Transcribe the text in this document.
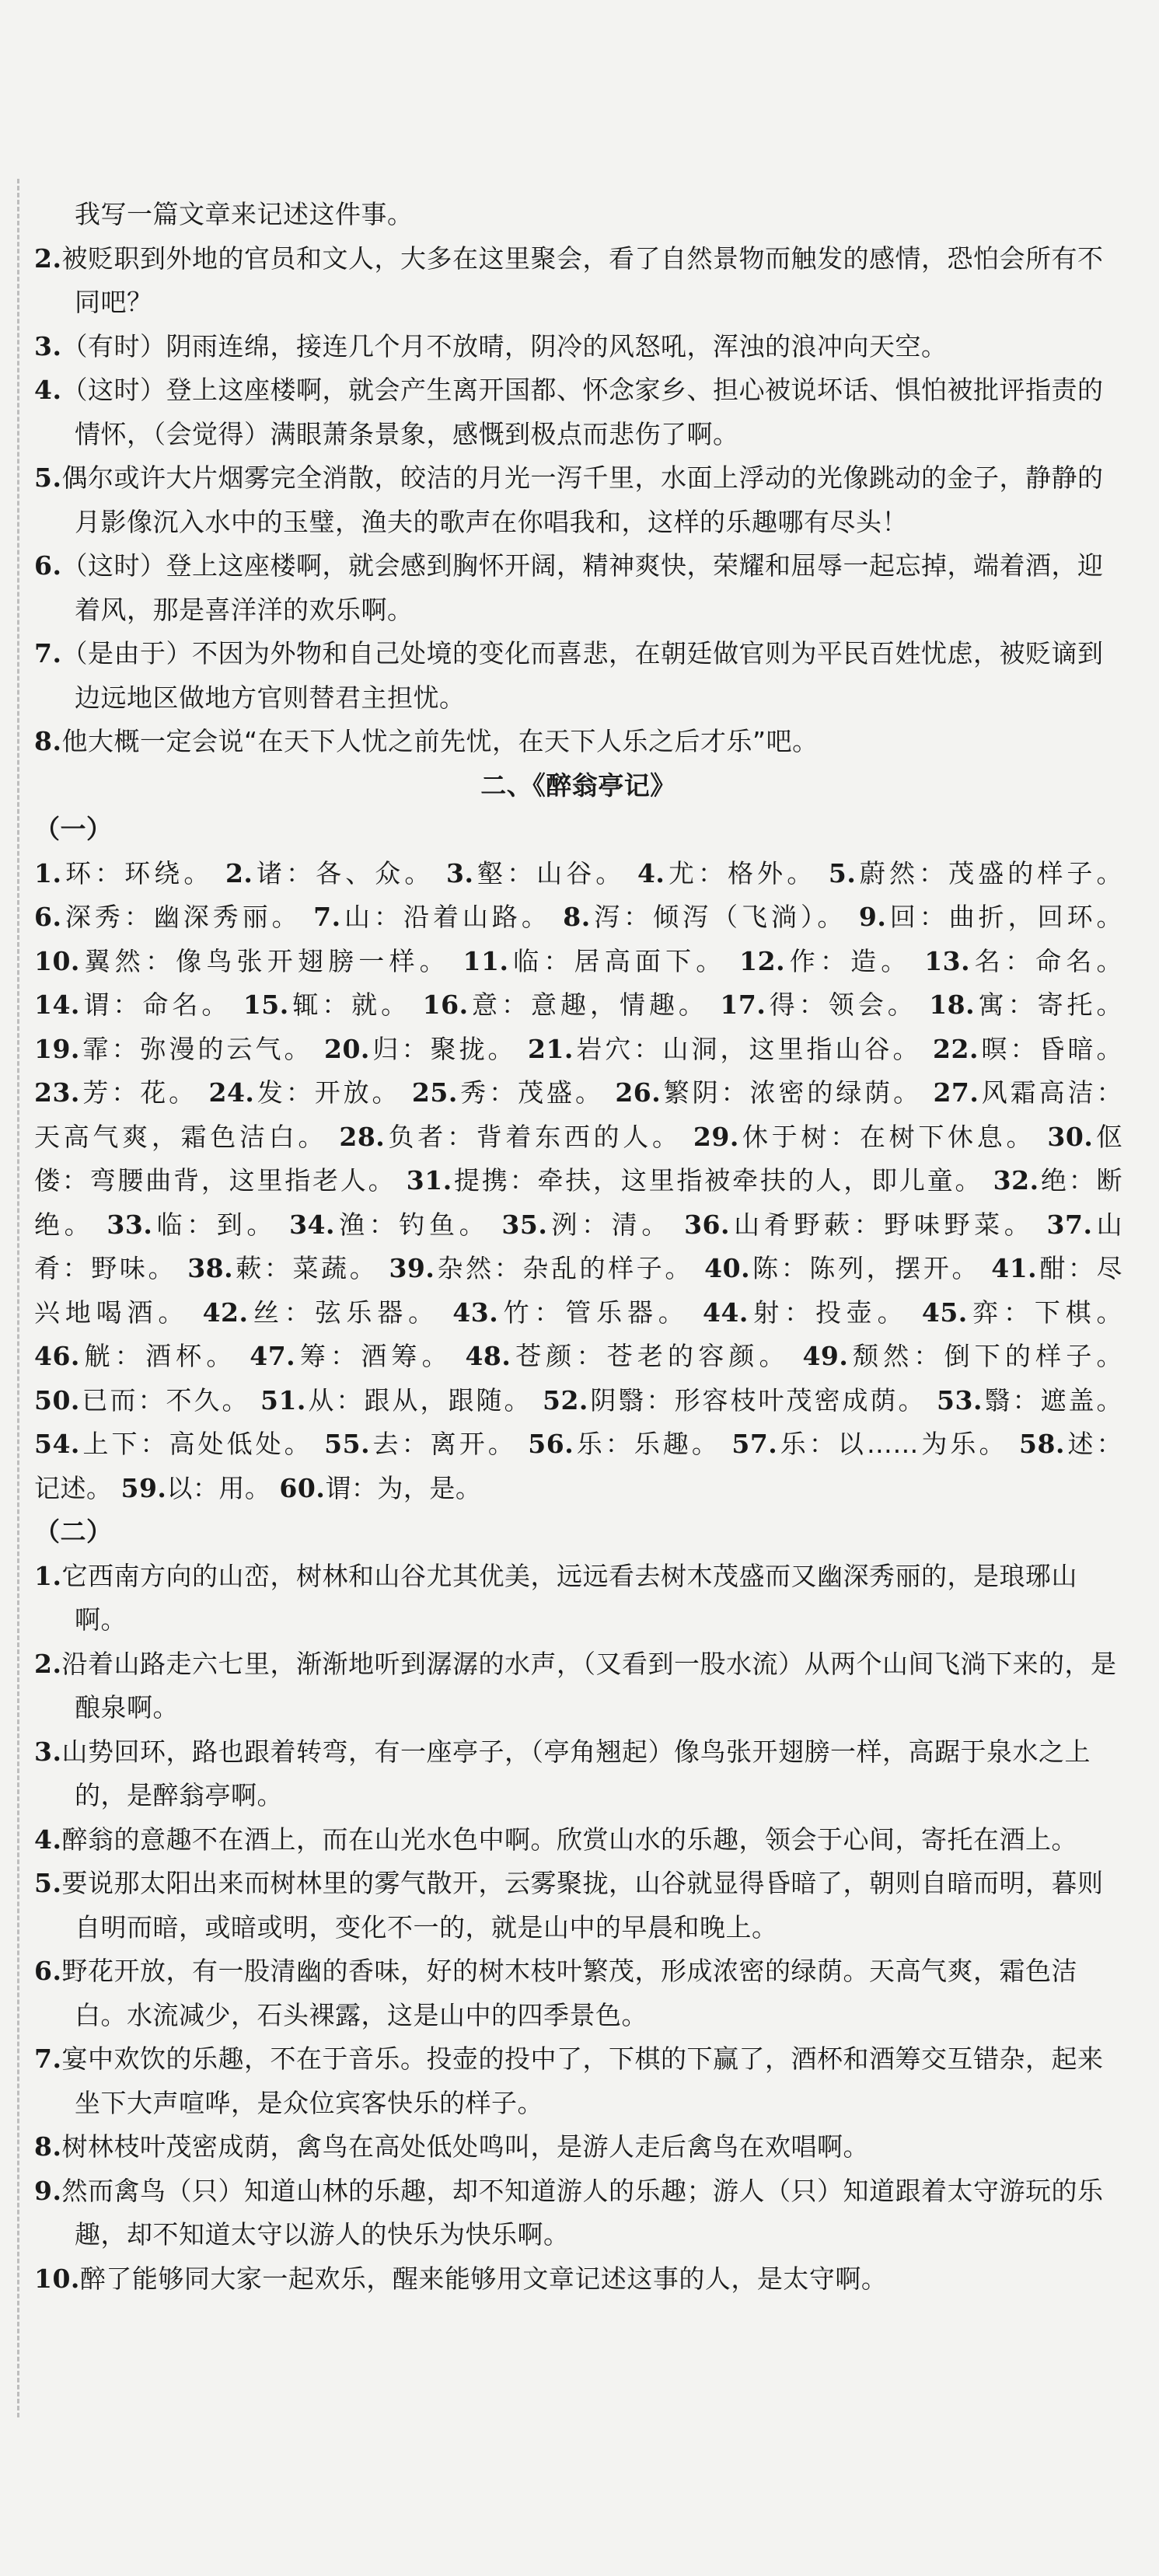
我写一篇文章来记述这件事。

2.被贬职到外地的官员和文人，大多在这里聚会，看了自然景物而触发的感情，恐怕会所有不同吧？

3.（有时）阴雨连绵，接连几个月不放晴，阴冷的风怒吼，浑浊的浪冲向天空。

4.（这时）登上这座楼啊，就会产生离开国都、怀念家乡、担心被说坏话、惧怕被批评指责的情怀，（会觉得）满眼萧条景象，感慨到极点而悲伤了啊。

5.偶尔或许大片烟雾完全消散，皎洁的月光一泻千里，水面上浮动的光像跳动的金子，静静的月影像沉入水中的玉璧，渔夫的歌声在你唱我和，这样的乐趣哪有尽头！

6.（这时）登上这座楼啊，就会感到胸怀开阔，精神爽快，荣耀和屈辱一起忘掉，端着酒，迎着风，那是喜洋洋的欢乐啊。

7.（是由于）不因为外物和自己处境的变化而喜悲，在朝廷做官则为平民百姓忧虑，被贬谪到边远地区做地方官则替君主担忧。

8.他大概一定会说“在天下人忧之前先忧，在天下人乐之后才乐”吧。

二、《醉翁亭记》

（一）

1.环：环绕。 2.诸：各、众。 3.壑：山谷。 4.尤：格外。 5.蔚然：茂盛的样子。

6.深秀：幽深秀丽。 7.山：沿着山路。 8.泻：倾泻（飞淌）。 9.回：曲折，回环。

10.翼然：像鸟张开翅膀一样。 11.临：居高面下。 12.作：造。 13.名：命名。

14.谓：命名。 15.辄：就。 16.意：意趣，情趣。 17.得：领会。 18.寓：寄托。

19.霏：弥漫的云气。 20.归：聚拢。 21.岩穴：山洞，这里指山谷。 22.暝：昏暗。

23.芳：花。 24.发：开放。 25.秀：茂盛。 26.繁阴：浓密的绿荫。 27.风霜高洁：

天高气爽，霜色洁白。 28.负者：背着东西的人。 29.休于树：在树下休息。 30.伛

偻：弯腰曲背，这里指老人。 31.提携：牵扶，这里指被牵扶的人，即儿童。 32.绝：断

绝。 33.临：到。 34.渔：钓鱼。 35.洌：清。 36.山肴野蔌：野味野菜。 37.山

肴：野味。 38.蔌：菜蔬。 39.杂然：杂乱的样子。 40.陈：陈列，摆开。 41.酣：尽

兴地喝酒。 42.丝：弦乐器。 43.竹：管乐器。 44.射：投壶。 45.弈：下棋。

46.觥：酒杯。 47.筹：酒筹。 48.苍颜：苍老的容颜。 49.颓然：倒下的样子。

50.已而：不久。 51.从：跟从，跟随。 52.阴翳：形容枝叶茂密成荫。 53.翳：遮盖。

54.上下：高处低处。 55.去：离开。 56.乐：乐趣。 57.乐：以……为乐。 58.述：

记述。 59.以：用。 60.谓：为，是。

（二）

1.它西南方向的山峦，树林和山谷尤其优美，远远看去树木茂盛而又幽深秀丽的，是琅琊山啊。

2.沿着山路走六七里，渐渐地听到潺潺的水声，（又看到一股水流）从两个山间飞淌下来的，是酿泉啊。

3.山势回环，路也跟着转弯，有一座亭子，（亭角翘起）像鸟张开翅膀一样，高踞于泉水之上的，是醉翁亭啊。

4.醉翁的意趣不在酒上，而在山光水色中啊。欣赏山水的乐趣，领会于心间，寄托在酒上。

5.要说那太阳出来而树林里的雾气散开，云雾聚拢，山谷就显得昏暗了，朝则自暗而明，暮则自明而暗，或暗或明，变化不一的，就是山中的早晨和晚上。

6.野花开放，有一股清幽的香味，好的树木枝叶繁茂，形成浓密的绿荫。天高气爽，霜色洁白。水流减少，石头裸露，这是山中的四季景色。

7.宴中欢饮的乐趣，不在于音乐。投壶的投中了，下棋的下赢了，酒杯和酒筹交互错杂，起来坐下大声喧哗，是众位宾客快乐的样子。

8.树林枝叶茂密成荫，禽鸟在高处低处鸣叫，是游人走后禽鸟在欢唱啊。

9.然而禽鸟（只）知道山林的乐趣，却不知道游人的乐趣；游人（只）知道跟着太守游玩的乐趣，却不知道太守以游人的快乐为快乐啊。

10.醉了能够同大家一起欢乐，醒来能够用文章记述这事的人，是太守啊。
